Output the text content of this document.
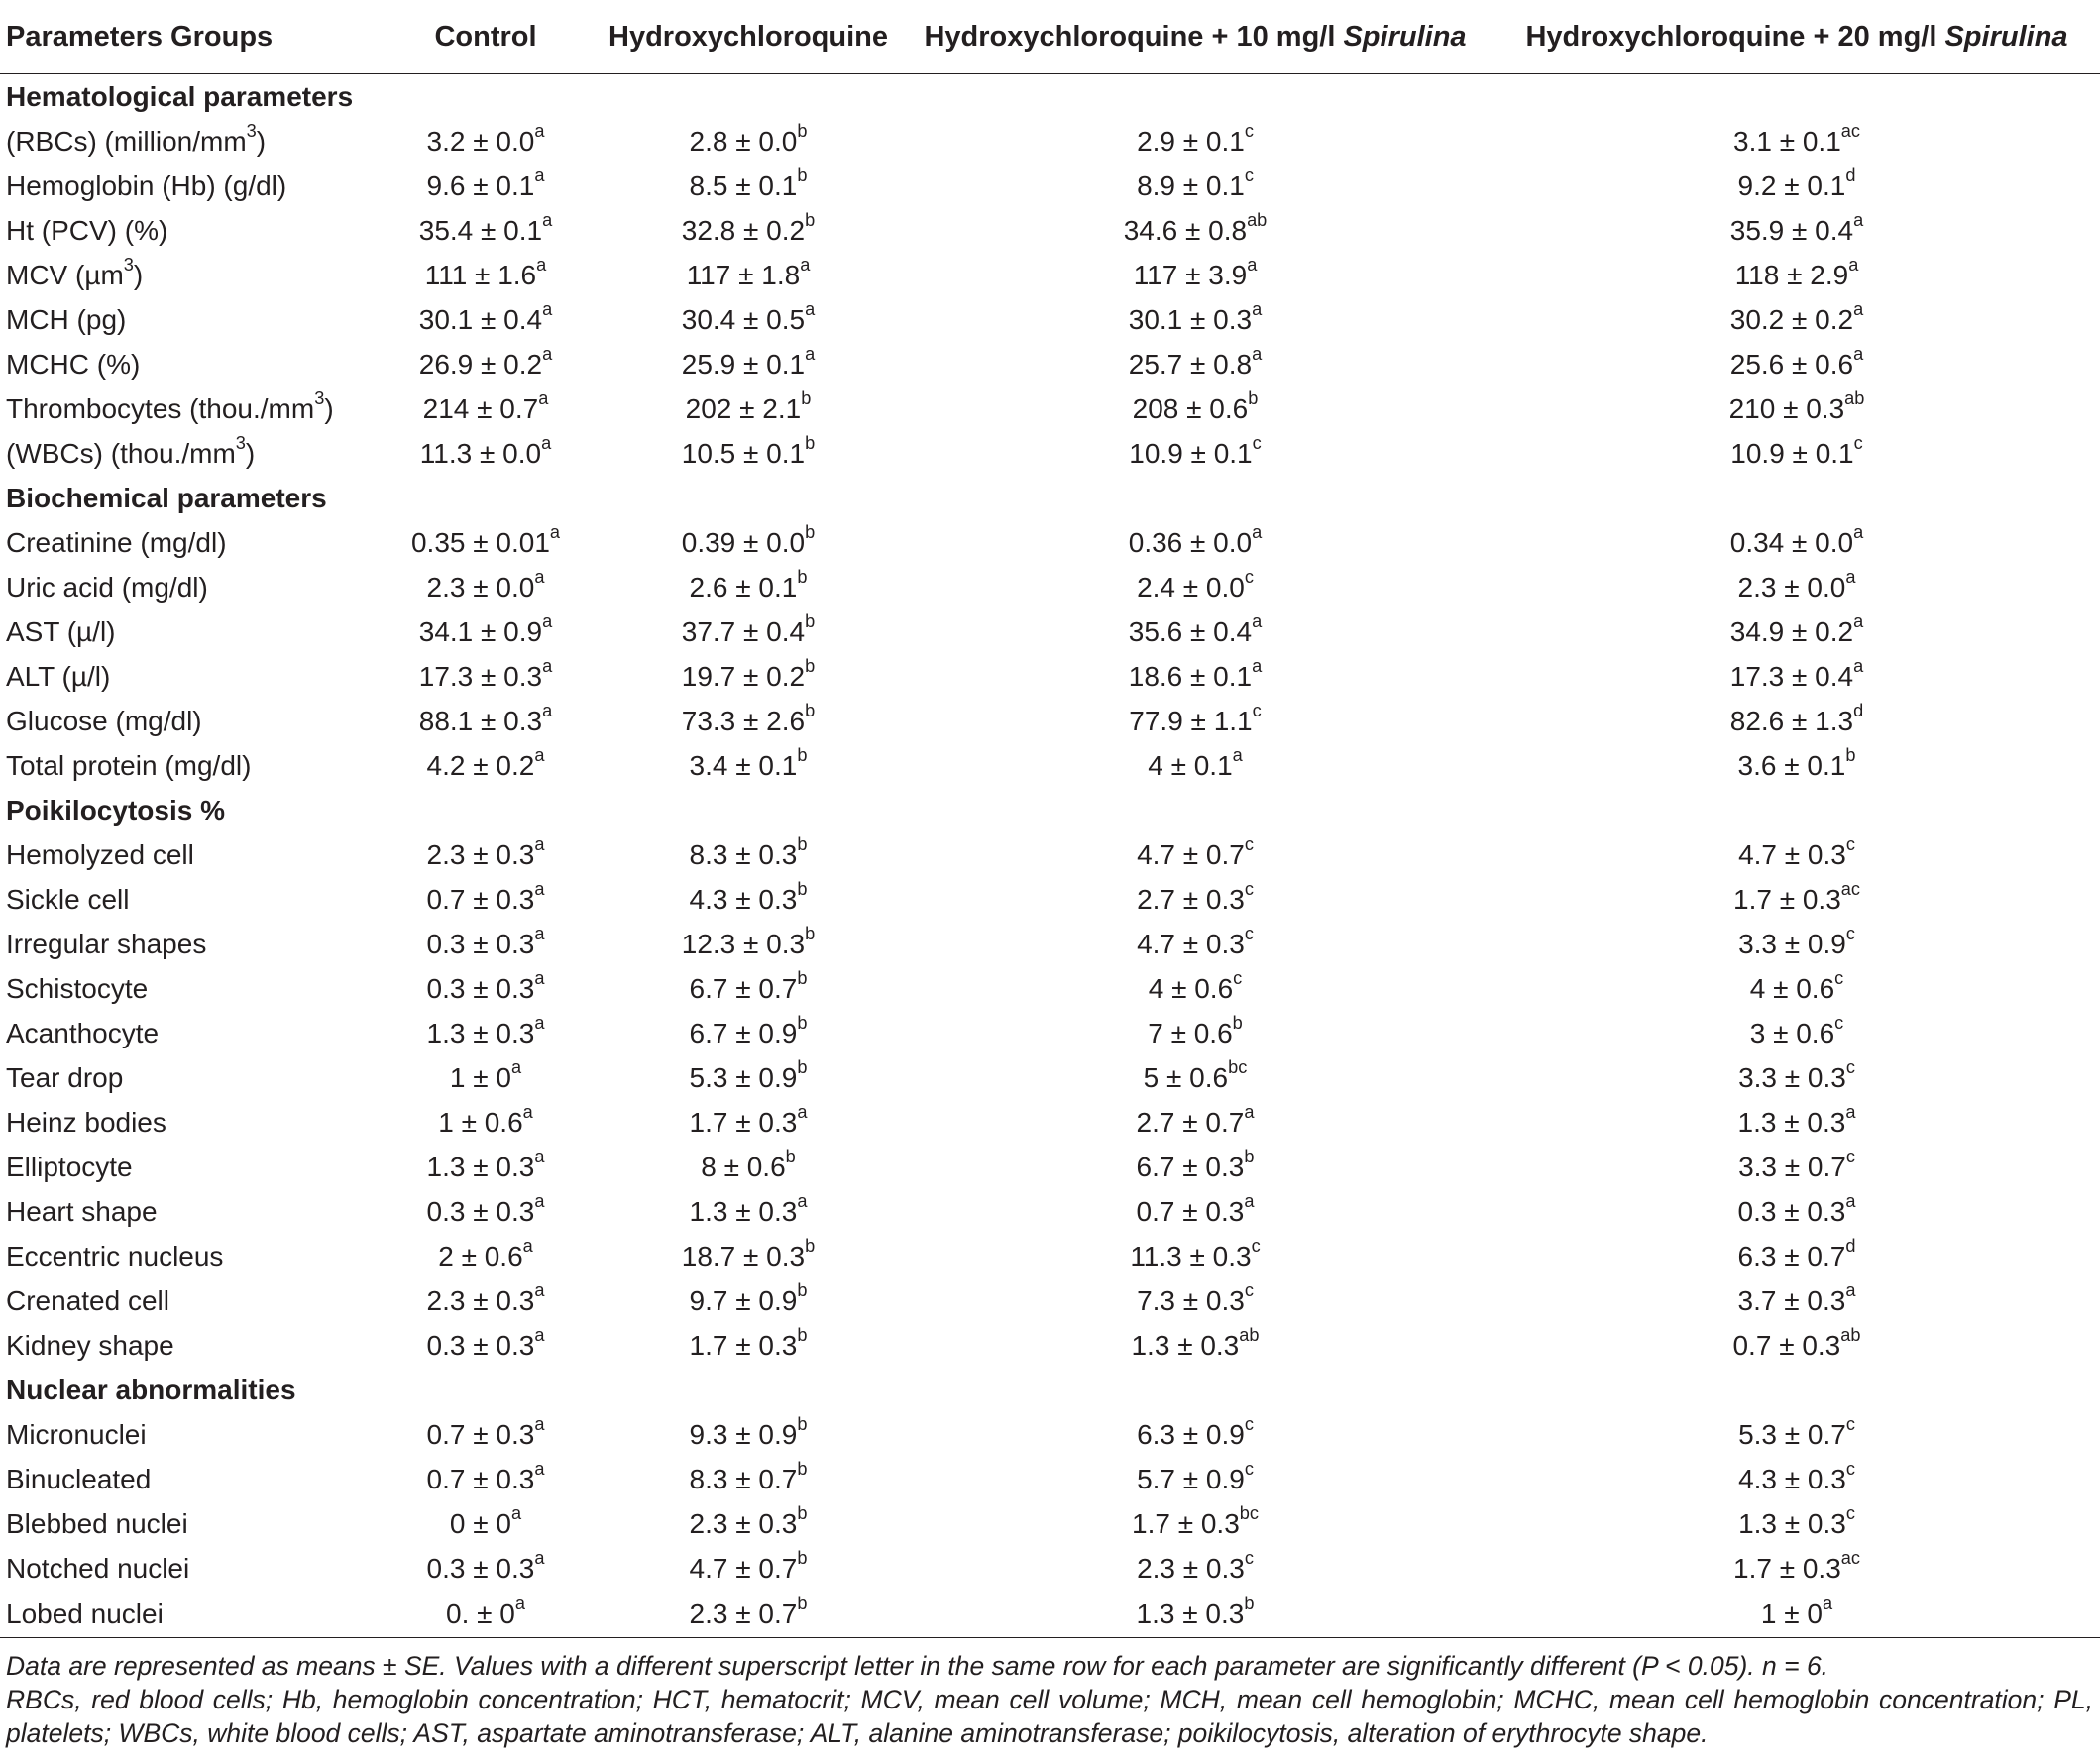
Parameters Groups	Control	Hydroxychloroquine	Hydroxychloroquine + 10 mg/l Spirulina	Hydroxychloroquine + 20 mg/l Spirulina
Hematological parameters				
(RBCs) $(million/mm^3)$	3.2 ± 0.0$^a$	2.8 ± 0.0$^b$	2.9 ± 0.1$^c$	3.1 ± 0.1$^{ac}$
Hemoglobin (Hb) (g/dl)	9.6 ± 0.1$^a$	8.5 ± 0.1$^b$	8.9 ± 0.1$^c$	9.2 ± 0.1$^d$
Ht (PCV) (%)	35.4 ± 0.1$^a$	32.8 ± 0.2$^b$	34.6 ± 0.8$^{ab}$	35.9 ± 0.4$^a$
MCV (µm$^3$)	111 ± 1.6$^a$	117 ± 1.8$^a$	117 ± 3.9$^a$	118 ± 2.9$^a$
MCH (pg)	30.1 ± 0.4$^a$	30.4 ± 0.5$^a$	30.1 ± 0.3$^a$	30.2 ± 0.2$^a$
MCHC (%)	26.9 ± 0.2$^a$	25.9 ± 0.1$^a$	25.7 ± 0.8$^a$	25.6 ± 0.6$^a$
Thrombocytes $(thou./mm^3)$	214 ± 0.7$^a$	202 ± 2.1$^b$	208 ± 0.6$^b$	210 ± 0.3$^{ab}$
(WBCs) $(thou./mm^3)$	11.3 ± 0.0$^a$	10.5 ± 0.1$^b$	10.9 ± 0.1$^c$	10.9 ± 0.1$^c$
Biochemical parameters				
Creatinine (mg/dl)	0.35 ± 0.01$^a$	0.39 ± 0.0$^b$	0.36 ± 0.0$^a$	0.34 ± 0.0$^a$
Uric acid (mg/dl)	2.3 ± 0.0$^a$	2.6 ± 0.1$^b$	2.4 ± 0.0$^c$	2.3 ± 0.0$^a$
AST (µ/l)	34.1 ± 0.9$^a$	37.7 ± 0.4$^b$	35.6 ± 0.4$^a$	34.9 ± 0.2$^a$
ALT (µ/l)	17.3 ± 0.3$^a$	19.7 ± 0.2$^b$	18.6 ± 0.1$^a$	17.3 ± 0.4$^a$
Glucose (mg/dl)	88.1 ± 0.3$^a$	73.3 ± 2.6$^b$	77.9 ± 1.1$^c$	82.6 ± 1.3$^d$
Total protein (mg/dl)	4.2 ± 0.2$^a$	3.4 ± 0.1$^b$	4 ± 0.1$^a$	3.6 ± 0.1$^b$
Poikilocytosis %				
Hemolyzed cell	2.3 ± 0.3$^a$	8.3 ± 0.3$^b$	4.7 ± 0.7$^c$	4.7 ± 0.3$^c$
Sickle cell	0.7 ± 0.3$^a$	4.3 ± 0.3$^b$	2.7 ± 0.3$^c$	1.7 ± 0.3$^{ac}$
Irregular shapes	0.3 ± 0.3$^a$	12.3 ± 0.3$^b$	4.7 ± 0.3$^c$	3.3 ± 0.9$^c$
Schistocyte	0.3 ± 0.3$^a$	6.7 ± 0.7$^b$	4 ± 0.6$^c$	4 ± 0.6$^c$
Acanthocyte	1.3 ± 0.3$^a$	6.7 ± 0.9$^b$	7 ± 0.6$^b$	3 ± 0.6$^c$
Tear drop	$1 \pm 0^a$	5.3 ± 0.9$^b$	5 ± 0.6$^{bc}$	3.3 ± 0.3$^c$
Heinz bodies	1 ± 0.6$^a$	1.7 ± 0.3$^a$	2.7 ± 0.7$^a$	1.3 ± 0.3$^a$
Elliptocyte	1.3 ± 0.3$^a$	8 ± 0.6$^b$	6.7 ± 0.3$^b$	3.3 ± 0.7$^c$
Heart shape	0.3 ± 0.3$^a$	1.3 ± 0.3$^a$	0.7 ± 0.3$^a$	0.3 ± 0.3$^a$
Eccentric nucleus	2 ± 0.6$^a$	18.7 ± 0.3$^b$	11.3 ± 0.3$^c$	6.3 ± 0.7$^d$
Crenated cell	2.3 ± 0.3$^a$	9.7 ± 0.9$^b$	7.3 ± 0.3$^c$	3.7 ± 0.3$^a$
Kidney shape	0.3 ± 0.3$^a$	1.7 ± 0.3$^b$	1.3 ± 0.3$^{ab}$	0.7 ± 0.3$^{ab}$
Nuclear abnormalities				
Micronuclei	0.7 ± 0.3$^a$	9.3 ± 0.9$^b$	6.3 ± 0.9$^c$	5.3 ± 0.7$^c$
Binucleated	0.7 ± 0.3$^a$	8.3 ± 0.7$^b$	5.7 ± 0.9$^c$	4.3 ± 0.3$^c$
Blebbed nuclei	$0 \pm 0^a$	2.3 ± 0.3$^b$	1.7 ± 0.3$^{bc}$	1.3 ± 0.3$^c$
Notched nuclei	0.3 ± 0.3$^a$	4.7 ± 0.7$^b$	2.3 ± 0.3$^c$	1.7 ± 0.3$^{ac}$
Lobed nuclei	0. ± $0^a$	2.3 ± 0.7$^b$	1.3 ± 0.3$^b$	$1 \pm 0^a$

Data are represented as means ± SE. Values with a different superscript letter in the same row for each parameter are significantly different (P < 0.05). n = 6.

RBCs, red blood cells; Hb, hemoglobin concentration; HCT, hematocrit; MCV, mean cell volume; MCH, mean cell hemoglobin; MCHC, mean cell hemoglobin concentration; PL, platelets; WBCs, white blood cells; AST, aspartate aminotransferase; ALT, alanine aminotransferase; poikilocytosis, alteration of erythrocyte shape.
